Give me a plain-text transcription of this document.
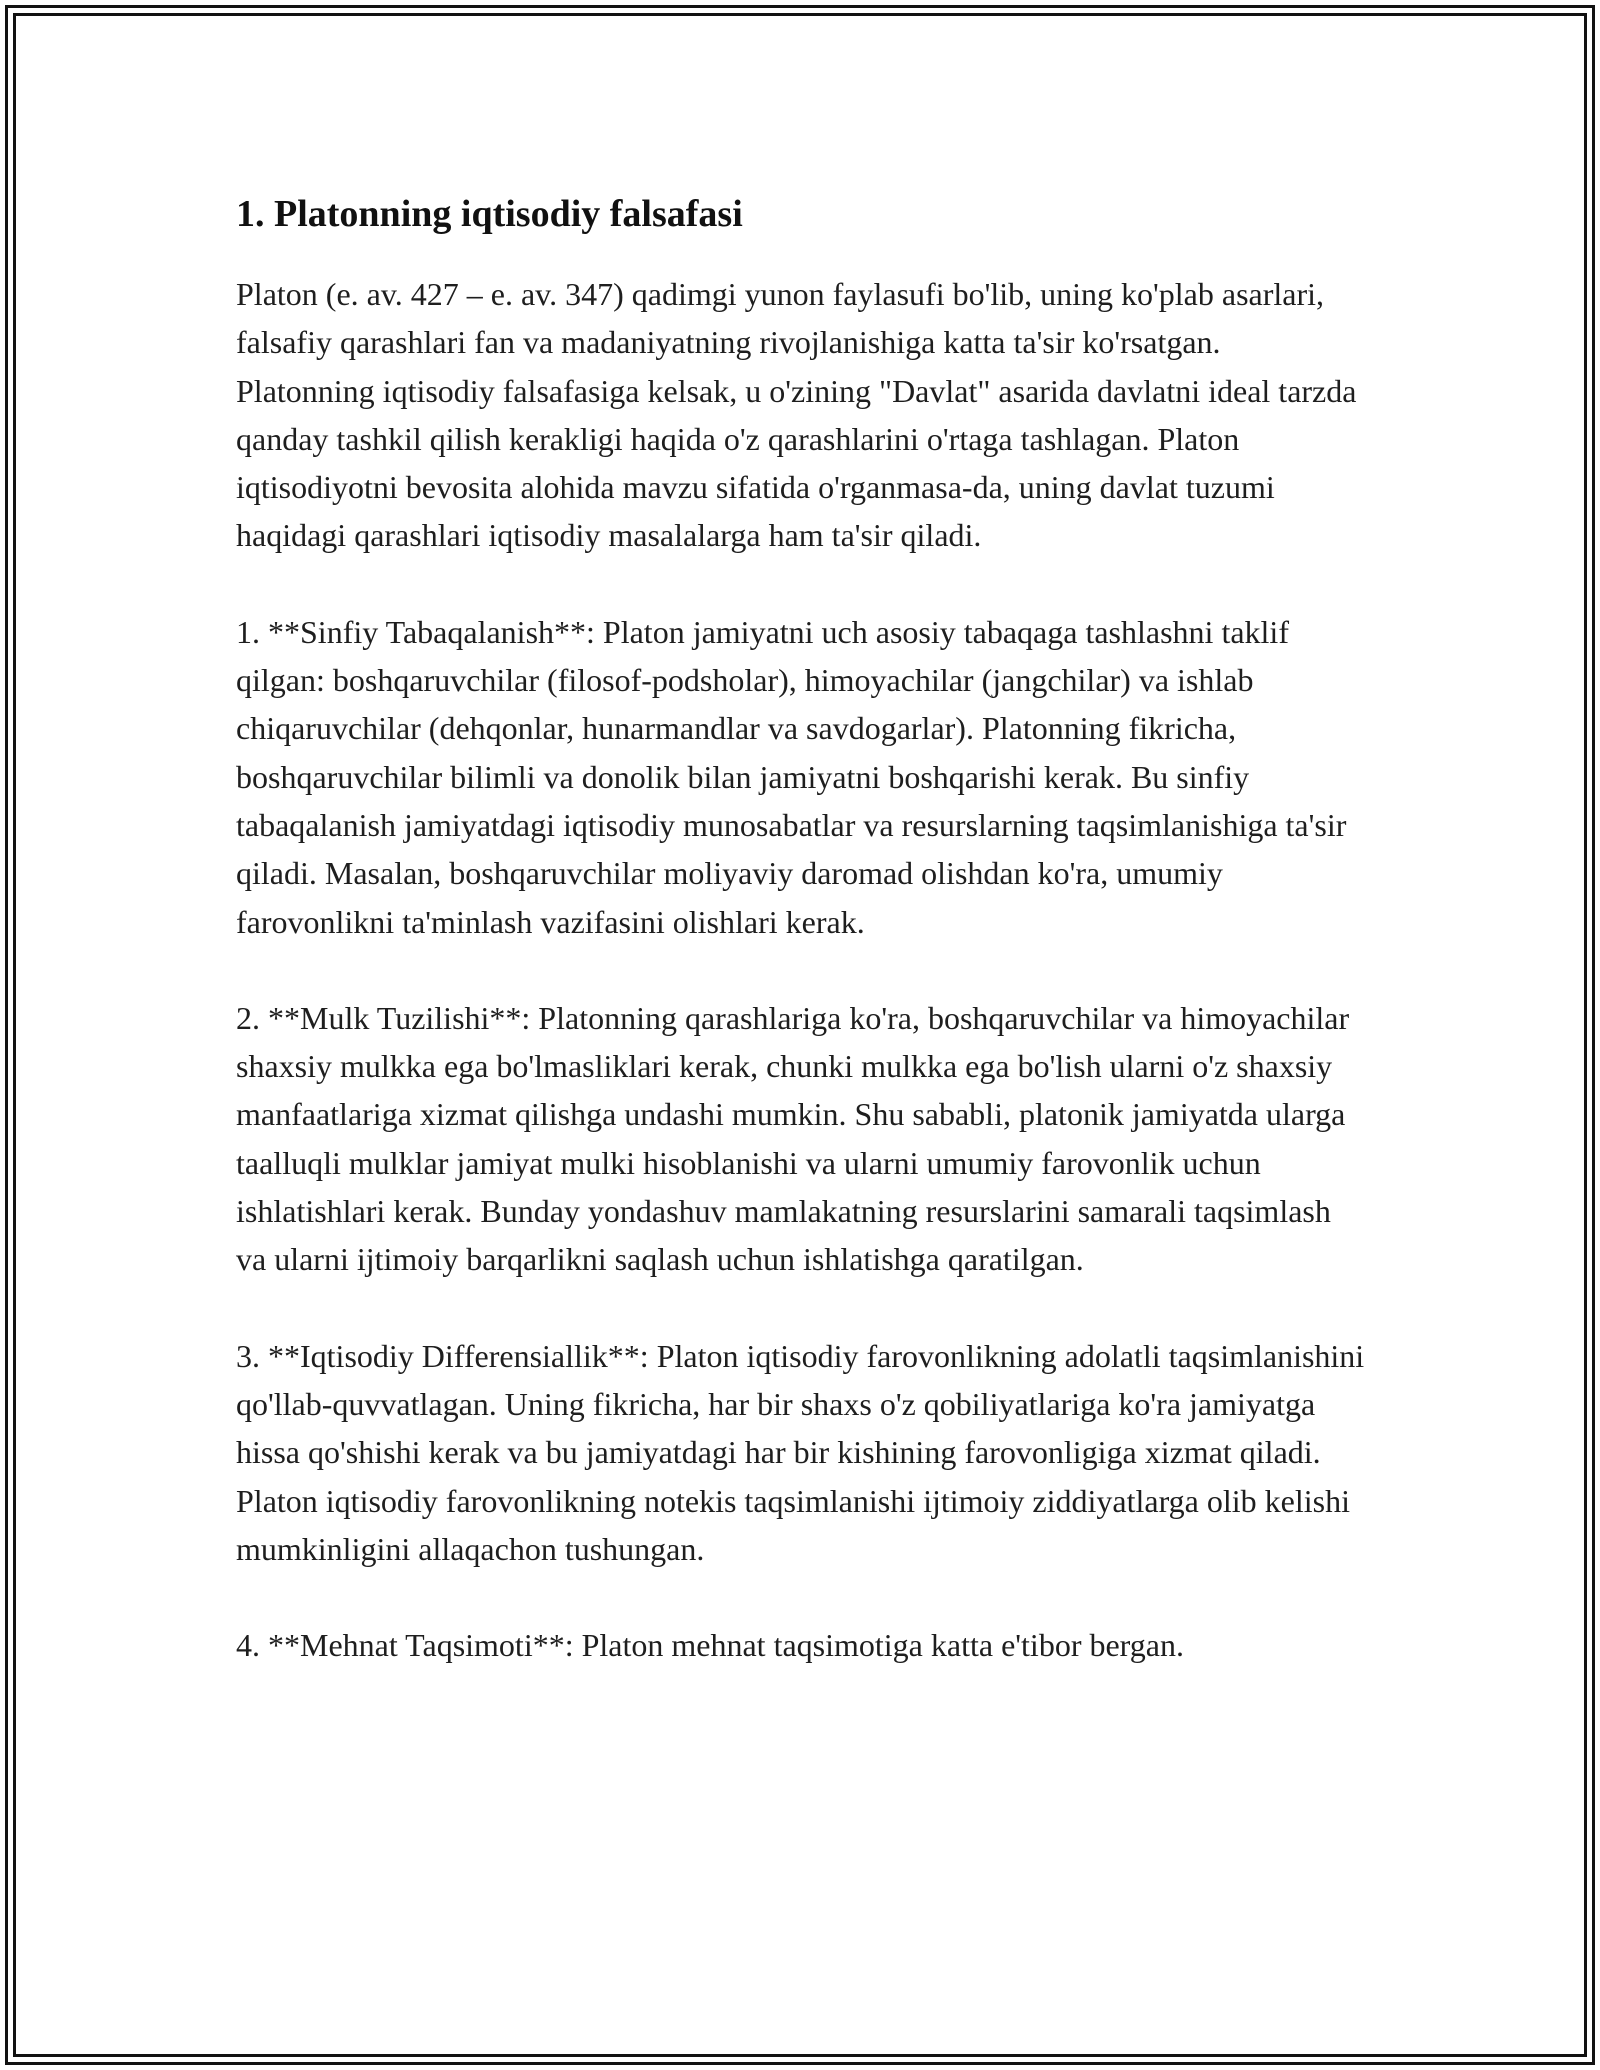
1. Platonning iqtisodiy falsafasi

Platon (e. av. 427 – e. av. 347) qadimgi yunon faylasufi bo'lib, uning ko'plab asarlari, falsafiy qarashlari fan va madaniyatning rivojlanishiga katta ta'sir ko'rsatgan. Platonning iqtisodiy falsafasiga kelsak, u o'zining "Davlat" asarida davlatni ideal tarzda qanday tashkil qilish kerakligi haqida o'z qarashlarini o'rtaga tashlagan. Platon iqtisodiyotni bevosita alohida mavzu sifatida o'rganmasa-da, uning davlat tuzumi haqidagi qarashlari iqtisodiy masalalarga ham ta'sir qiladi.

1. **Sinfiy Tabaqalanish**: Platon jamiyatni uch asosiy tabaqaga tashlashni taklif qilgan: boshqaruvchilar (filosof-podsholar), himoyachilar (jangchilar) va ishlab chiqaruvchilar (dehqonlar, hunarmandlar va savdogarlar). Platonning fikricha, boshqaruvchilar bilimli va donolik bilan jamiyatni boshqarishi kerak. Bu sinfiy tabaqalanish jamiyatdagi iqtisodiy munosabatlar va resurslarning taqsimlanishiga ta'sir qiladi. Masalan, boshqaruvchilar moliyaviy daromad olishdan ko'ra, umumiy farovonlikni ta'minlash vazifasini olishlari kerak.

2. **Mulk Tuzilishi**: Platonning qarashlariga ko'ra, boshqaruvchilar va himoyachilar shaxsiy mulkka ega bo'lmasliklari kerak, chunki mulkka ega bo'lish ularni o'z shaxsiy manfaatlariga xizmat qilishga undashi mumkin. Shu sababli, platonik jamiyatda ularga taalluqli mulklar jamiyat mulki hisoblanishi va ularni umumiy farovonlik uchun ishlatishlari kerak. Bunday yondashuv mamlakatning resurslarini samarali taqsimlash va ularni ijtimoiy barqarlikni saqlash uchun ishlatishga qaratilgan.

3. **Iqtisodiy Differensiallik**: Platon iqtisodiy farovonlikning adolatli taqsimlanishini qo'llab-quvvatlagan. Uning fikricha, har bir shaxs o'z qobiliyatlariga ko'ra jamiyatga hissa qo'shishi kerak va bu jamiyatdagi har bir kishining farovonligiga xizmat qiladi. Platon iqtisodiy farovonlikning notekis taqsimlanishi ijtimoiy ziddiyatlarga olib kelishi mumkinligini allaqachon tushungan.

4. **Mehnat Taqsimoti**: Platon mehnat taqsimotiga katta e'tibor bergan.
